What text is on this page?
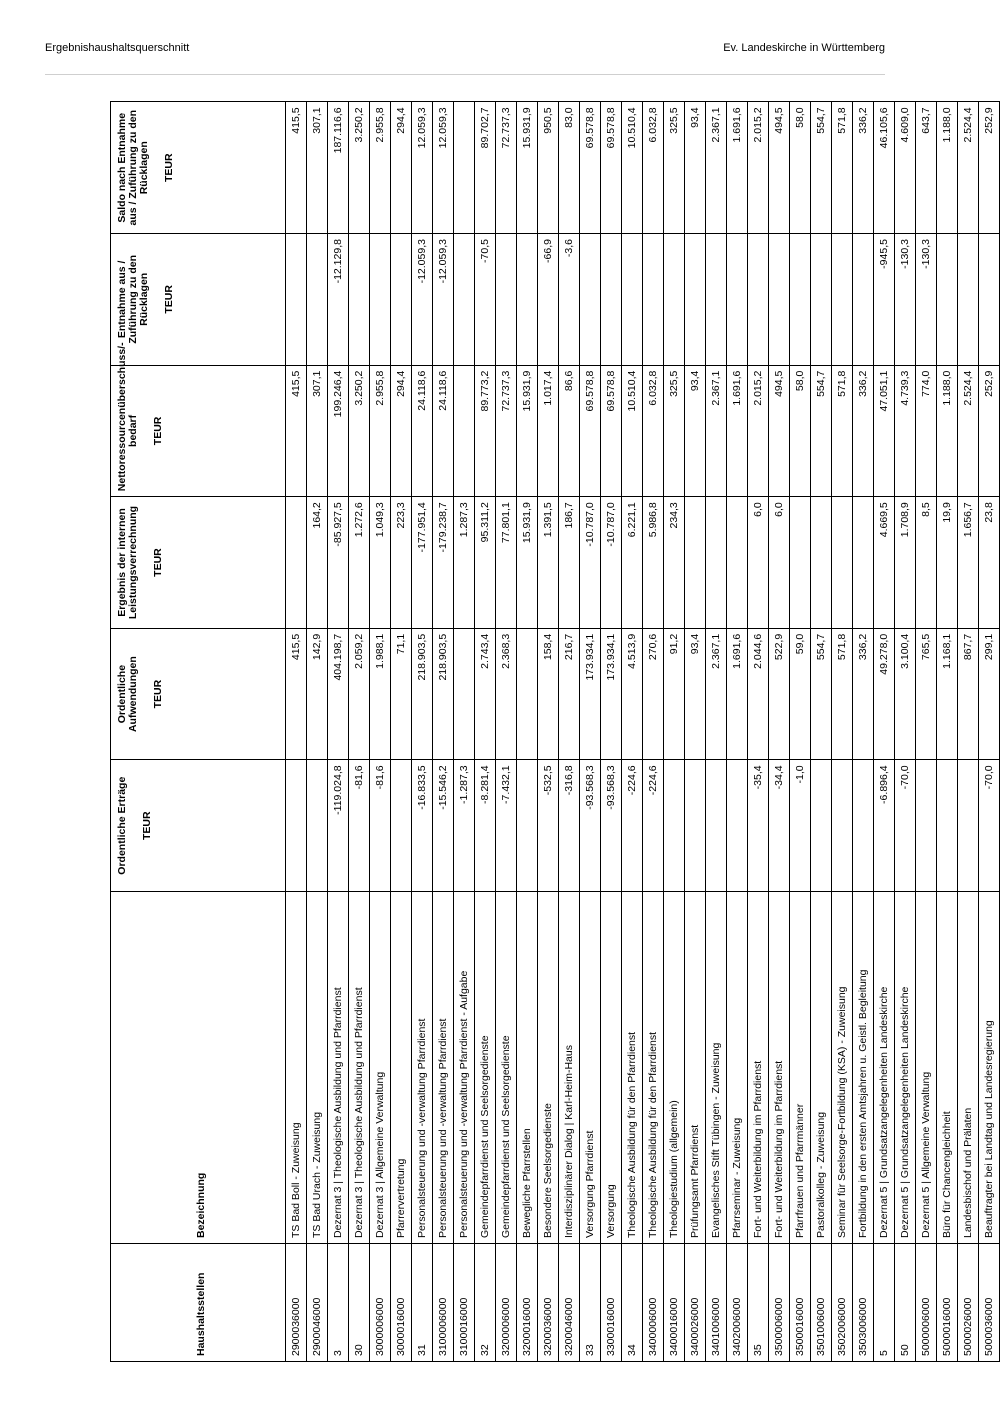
Ergebnishaushaltsquerschnitt	Ev. Landeskirche in Württemberg
Haushaltsstellen	Bezeichnung	Ordentliche Erträge TEUR	Ordentliche Aufwendungen TEUR	Ergebnis der internen Leistungsverrechnung TEUR	Nettoressourcenüberschuss/-bedarf TEUR	Entnahme aus / Zuführung zu den Rücklagen TEUR	Saldo nach Entnahme aus / Zuführung zu den Rücklagen TEUR

2900036000	TS Bad Boll - Zuweisung		415,5		415,5		415,5
2900046000	TS Bad Urach - Zuweisung		142,9	164,2	307,1		307,1
3	Dezernat 3 | Theologische Ausbildung und Pfarrdienst	-119.024,8	404.198,7	-85.927,5	199.246,4	-12.129,8	187.116,6
30	Dezernat 3 | Theologische Ausbildung und Pfarrdienst	-81,6	2.059,2	1.272,6	3.250,2		3.250,2
3000006000	Dezernat 3 | Allgemeine Verwaltung	-81,6	1.988,1	1.049,3	2.955,8		2.955,8
3000016000	Pfarrervertretung		71,1	223,3	294,4		294,4
31	Personalsteuerung und -verwaltung Pfarrdienst	-16.833,5	218.903,5	-177.951,4	24.118,6	-12.059,3	12.059,3
3100006000	Personalsteuerung und -verwaltung Pfarrdienst	-15.546,2	218.903,5	-179.238,7	24.118,6	-12.059,3	12.059,3
3100016000	Personalsteuerung und -verwaltung Pfarrdienst - Aufgabe	-1.287,3		1.287,3			
32	Gemeindepfarrdienst und Seelsorgedienste	-8.281,4	2.743,4	95.311,2	89.773,2	-70,5	89.702,7
3200006000	Gemeindepfarrdienst und Seelsorgedienste	-7.432,1	2.368,3	77.801,1	72.737,3		72.737,3
3200016000	Bewegliche Pfarrstellen			15.931,9	15.931,9		15.931,9
3200036000	Besondere Seelsorgedienste	-532,5	158,4	1.391,5	1.017,4	-66,9	950,5
3200046000	Interdisziplinärer Dialog | Karl-Heim-Haus	-316,8	216,7	186,7	86,6	-3,6	83,0
33	Versorgung Pfarrdienst	-93.568,3	173.934,1	-10.787,0	69.578,8		69.578,8
3300016000	Versorgung	-93.568,3	173.934,1	-10.787,0	69.578,8		69.578,8
34	Theologische Ausbildung für den Pfarrdienst	-224,6	4.513,9	6.221,1	10.510,4		10.510,4
3400006000	Theologische Ausbildung für den Pfarrdienst	-224,6	270,6	5.986,8	6.032,8		6.032,8
3400016000	Theologiestudium (allgemein)		91,2	234,3	325,5		325,5
3400026000	Prüfungsamt Pfarrdienst		93,4		93,4		93,4
3401006000	Evangelisches Stift Tübingen - Zuweisung		2.367,1		2.367,1		2.367,1
3402006000	Pfarrseminar - Zuweisung		1.691,6		1.691,6		1.691,6
35	Fort- und Weiterbildung im Pfarrdienst	-35,4	2.044,6	6,0	2.015,2		2.015,2
3500006000	Fort- und Weiterbildung im Pfarrdienst	-34,4	522,9	6,0	494,5		494,5
3500016000	Pfarrfrauen und Pfarrmänner	-1,0	59,0		58,0		58,0
3501006000	Pastoralkolleg - Zuweisung		554,7		554,7		554,7
3502006000	Seminar für Seelsorge-Fortbildung (KSA) - Zuweisung		571,8		571,8		571,8
3503006000	Fortbildung in den ersten Amtsjahren u. Geistl. Begleitung		336,2		336,2		336,2
5	Dezernat 5 | Grundsatzangelegenheiten Landeskirche	-6.896,4	49.278,0	4.669,5	47.051,1	-945,5	46.105,6
50	Dezernat 5 | Grundsatzangelegenheiten Landeskirche	-70,0	3.100,4	1.708,9	4.739,3	-130,3	4.609,0
5000006000	Dezernat 5 | Allgemeine Verwaltung		765,5	8,5	774,0	-130,3	643,7
5000016000	Büro für Chancengleichheit		1.168,1	19,9	1.188,0		1.188,0
5000026000	Landesbischof und Prälaten		867,7	1.656,7	2.524,4		2.524,4
5000036000	Beauftragter bei Landtag und Landesregierung	-70,0	299,1	23,8	252,9		252,9
